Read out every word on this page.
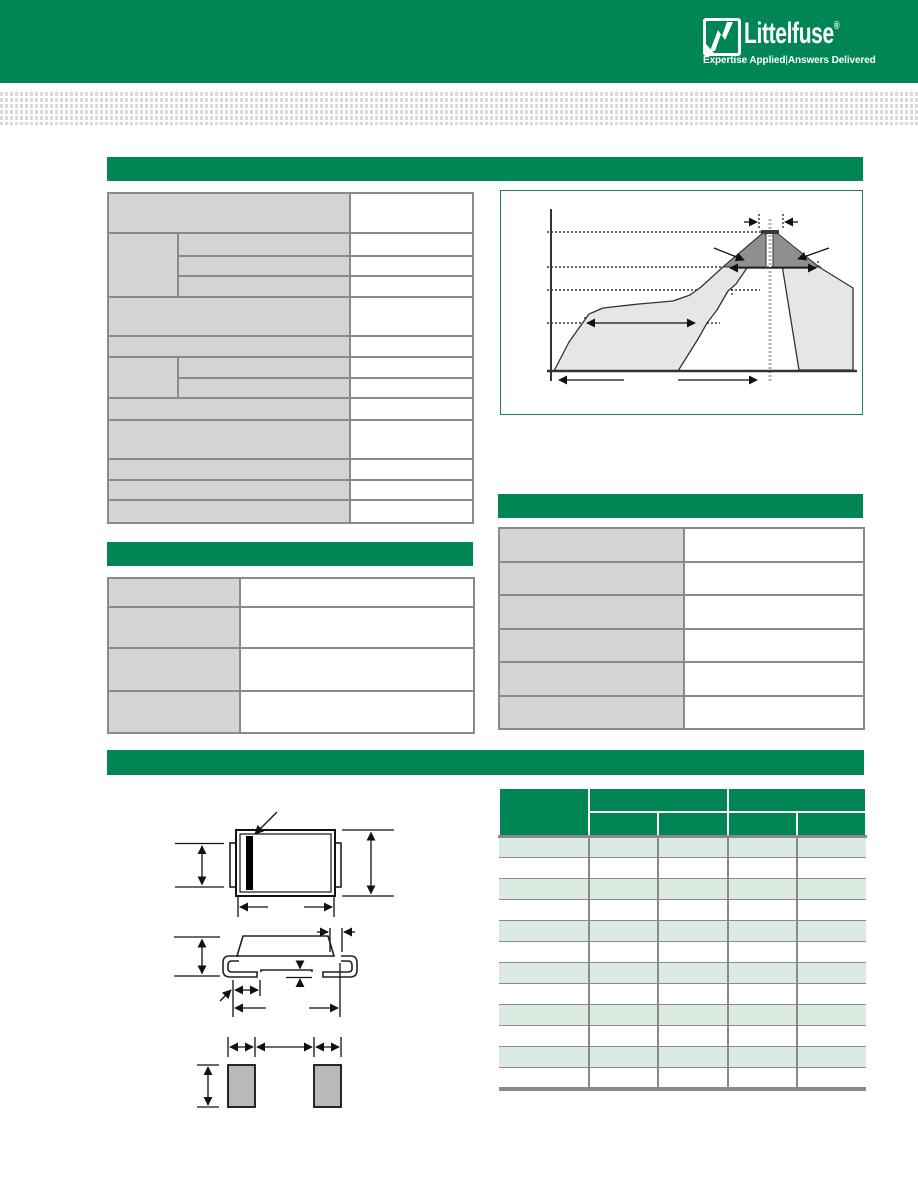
Littelfuse®
Expertise Applied | Answers Delivered
